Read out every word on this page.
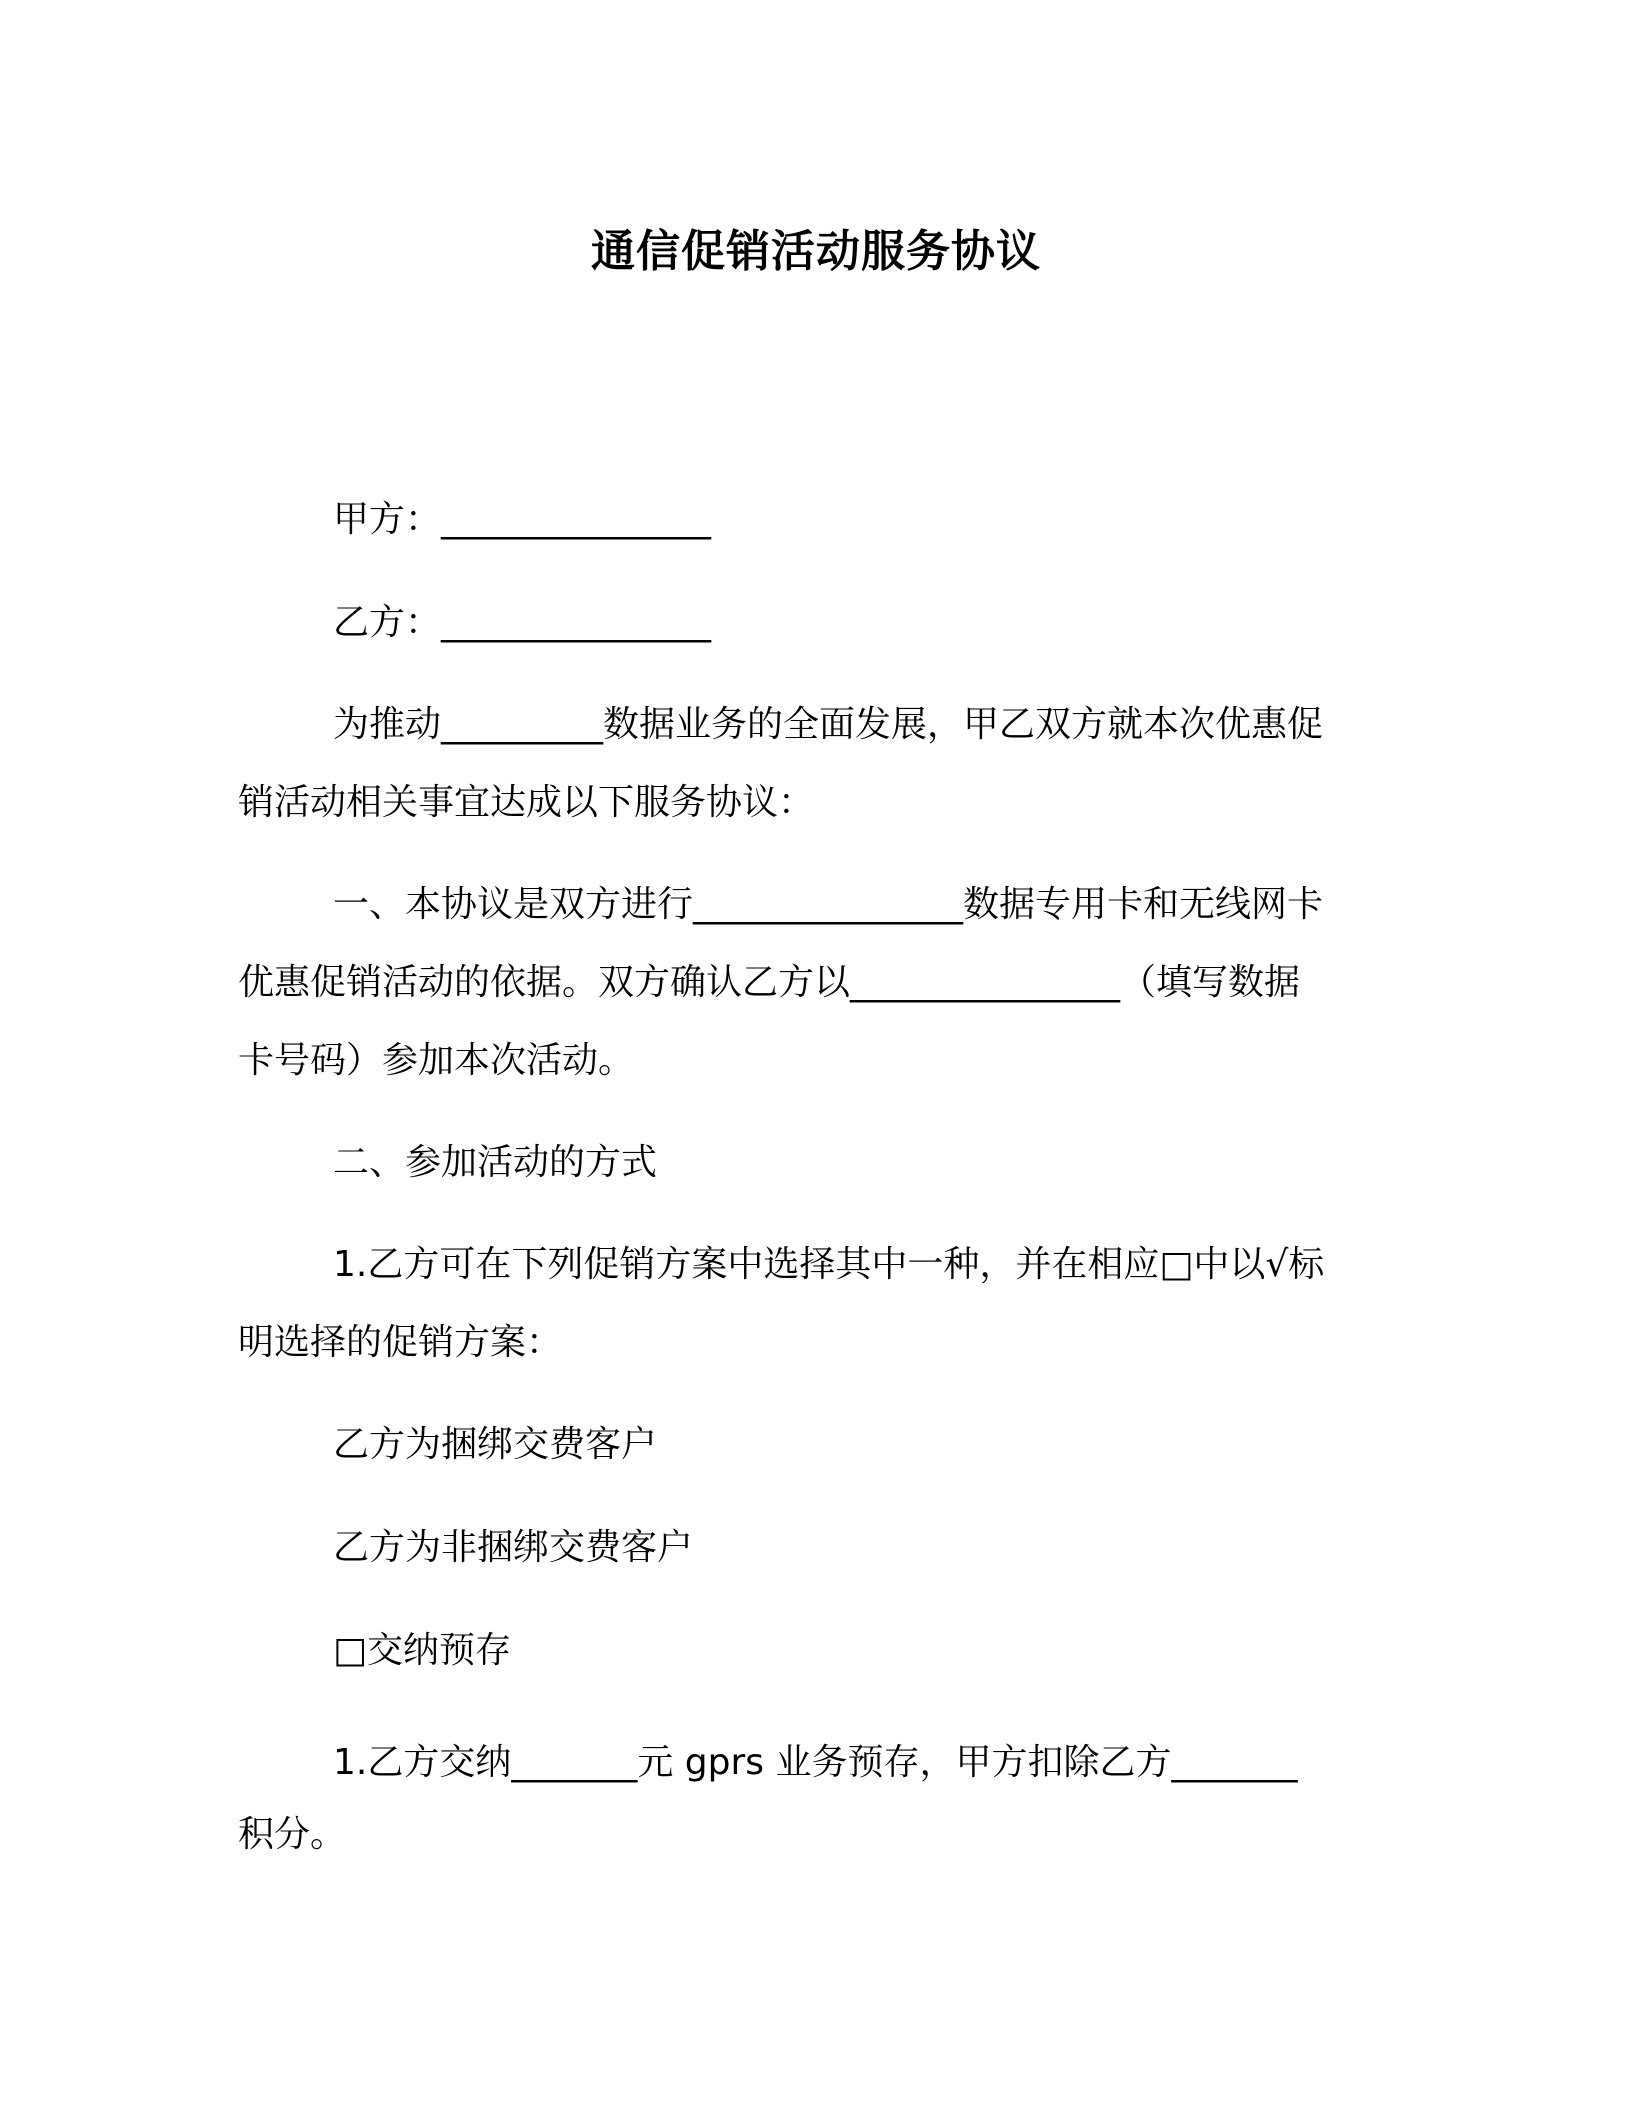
通信促销活动服务协议
甲方：_______________
乙方：_______________
为推动_________数据业务的全面发展，甲乙双方就本次优惠促
销活动相关事宜达成以下服务协议：
一、本协议是双方进行_______________数据专用卡和无线网卡
优惠促销活动的依据。双方确认乙方以_______________（填写数据
卡号码）参加本次活动。
二、参加活动的方式
1.乙方可在下列促销方案中选择其中一种，并在相应□中以√标
明选择的促销方案：
乙方为捆绑交费客户
乙方为非捆绑交费客户
□交纳预存
1.乙方交纳_______元 gprs 业务预存，甲方扣除乙方_______
积分。
